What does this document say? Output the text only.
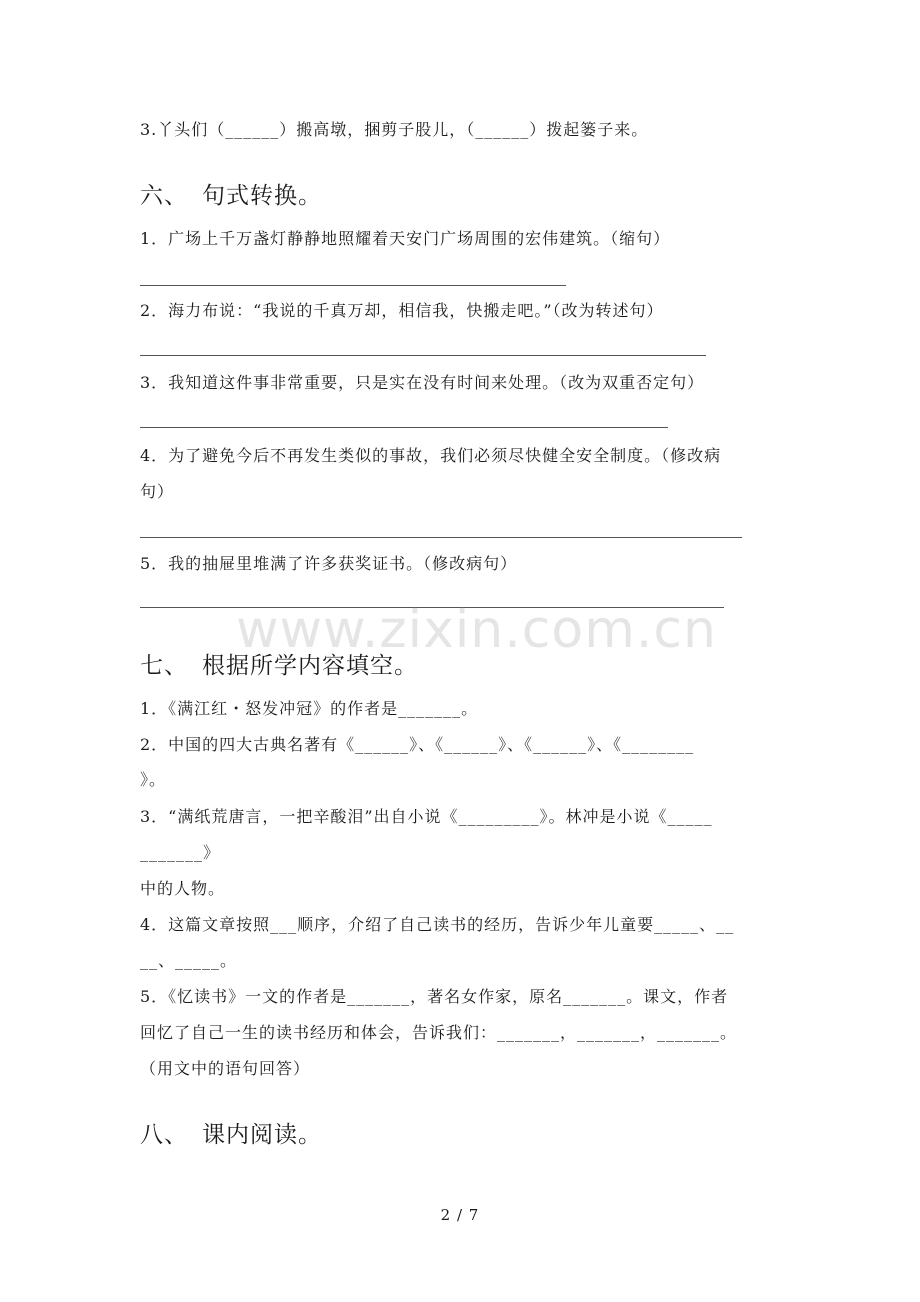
3.丫头们（______）搬高墩，捆剪子股儿，（______）拨起篓子来。
六、 句式转换。
1．广场上千万盏灯静静地照耀着天安门广场周围的宏伟建筑。（缩句）
2．海力布说：“我说的千真万却，相信我，快搬走吧。”（改为转述句）
3．我知道这件事非常重要，只是实在没有时间来处理。（改为双重否定句）
4．为了避免今后不再发生类似的事故，我们必须尽快健全安全制度。（修改病
句）
5．我的抽屉里堆满了许多获奖证书。（修改病句）
www.zixin.com.cn
七、 根据所学内容填空。
1．《满江红・怒发冲冠》的作者是_______。
2．中国的四大古典名著有《______》、《______》、《______》、《________
》。
3．“满纸荒唐言，一把辛酸泪”出自小说《_________》。林冲是小说《_____
_______》
中的人物。
4．这篇文章按照___顺序，介绍了自己读书的经历，告诉少年儿童要_____、__
__、_____。
5．《忆读书》一文的作者是_______，著名女作家，原名_______。课文，作者
回忆了自己一生的读书经历和体会，告诉我们：_______，_______，_______。
（用文中的语句回答）
八、 课内阅读。
2 / 7
